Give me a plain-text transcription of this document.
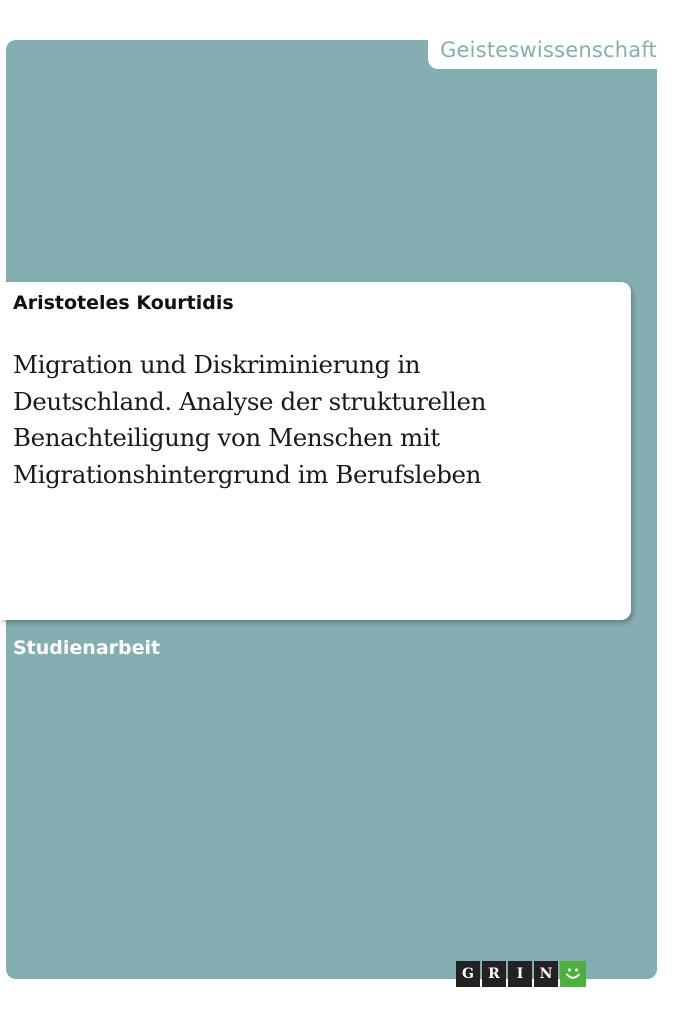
Geisteswissenschaft
Aristoteles Kourtidis
Migration und Diskriminierung in
Deutschland. Analyse der strukturellen
Benachteiligung von Menschen mit
Migrationshintergrund im Berufsleben
Studienarbeit
G	R	I	N
